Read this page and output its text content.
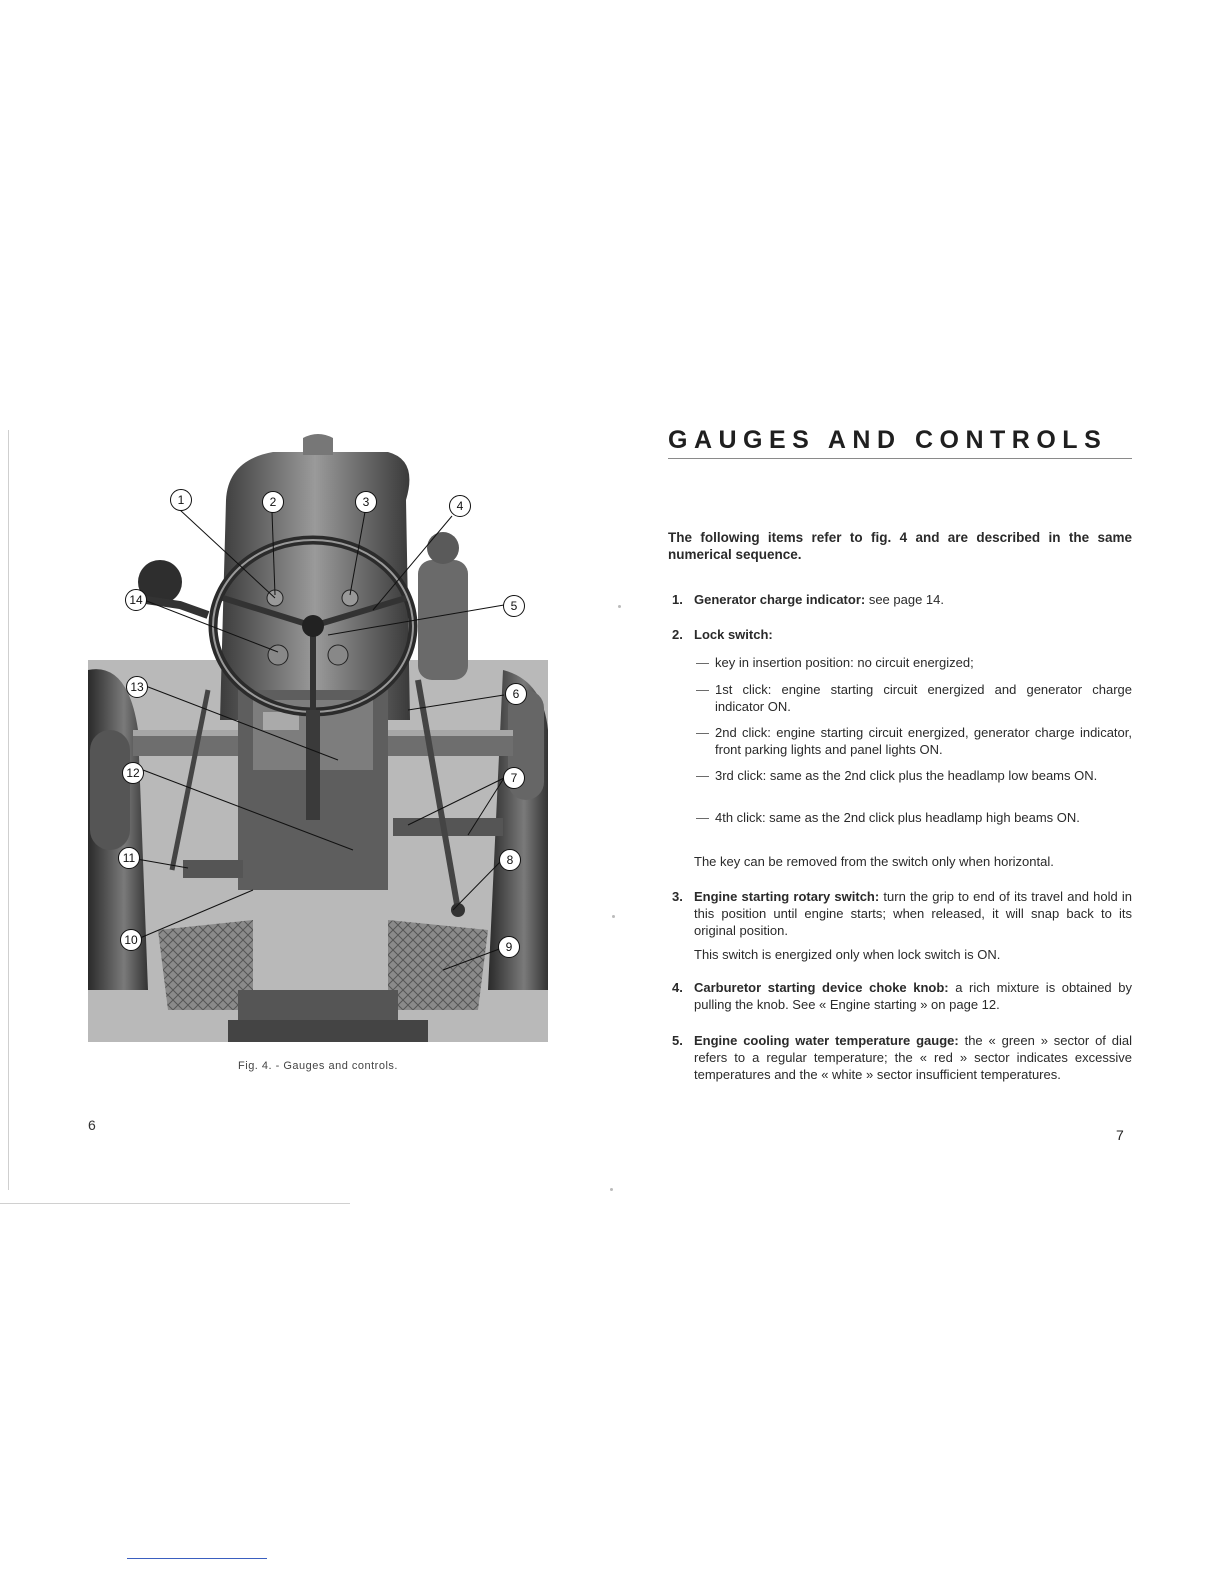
1	2	3	4
5
6
7
8
9
10
11
12
13
14
Fig. 4. - Gauges and controls.
6
GAUGES AND CONTROLS
The following items refer to fig. 4 and are described in the same numerical sequence.
1. Generator charge indicator: see page 14.
2. Lock switch:
— key in insertion position: no circuit energized;
— 1st click: engine starting circuit energized and generator charge indicator ON.
— 2nd click: engine starting circuit energized, generator charge indicator, front parking lights and panel lights ON.
— 3rd click: same as the 2nd click plus the headlamp low beams ON.
— 4th click: same as the 2nd click plus headlamp high beams ON.
The key can be removed from the switch only when horizontal.
3. Engine starting rotary switch: turn the grip to end of its travel and hold in this position until engine starts; when released, it will snap back to its original position.
This switch is energized only when lock switch is ON.
4. Carburetor starting device choke knob: a rich mixture is obtained by pulling the knob. See « Engine starting » on page 12.
5. Engine cooling water temperature gauge: the « green » sector of dial refers to a regular temperature; the « red » sector indicates excessive temperatures and the « white » sector insufficient temperatures.
7
